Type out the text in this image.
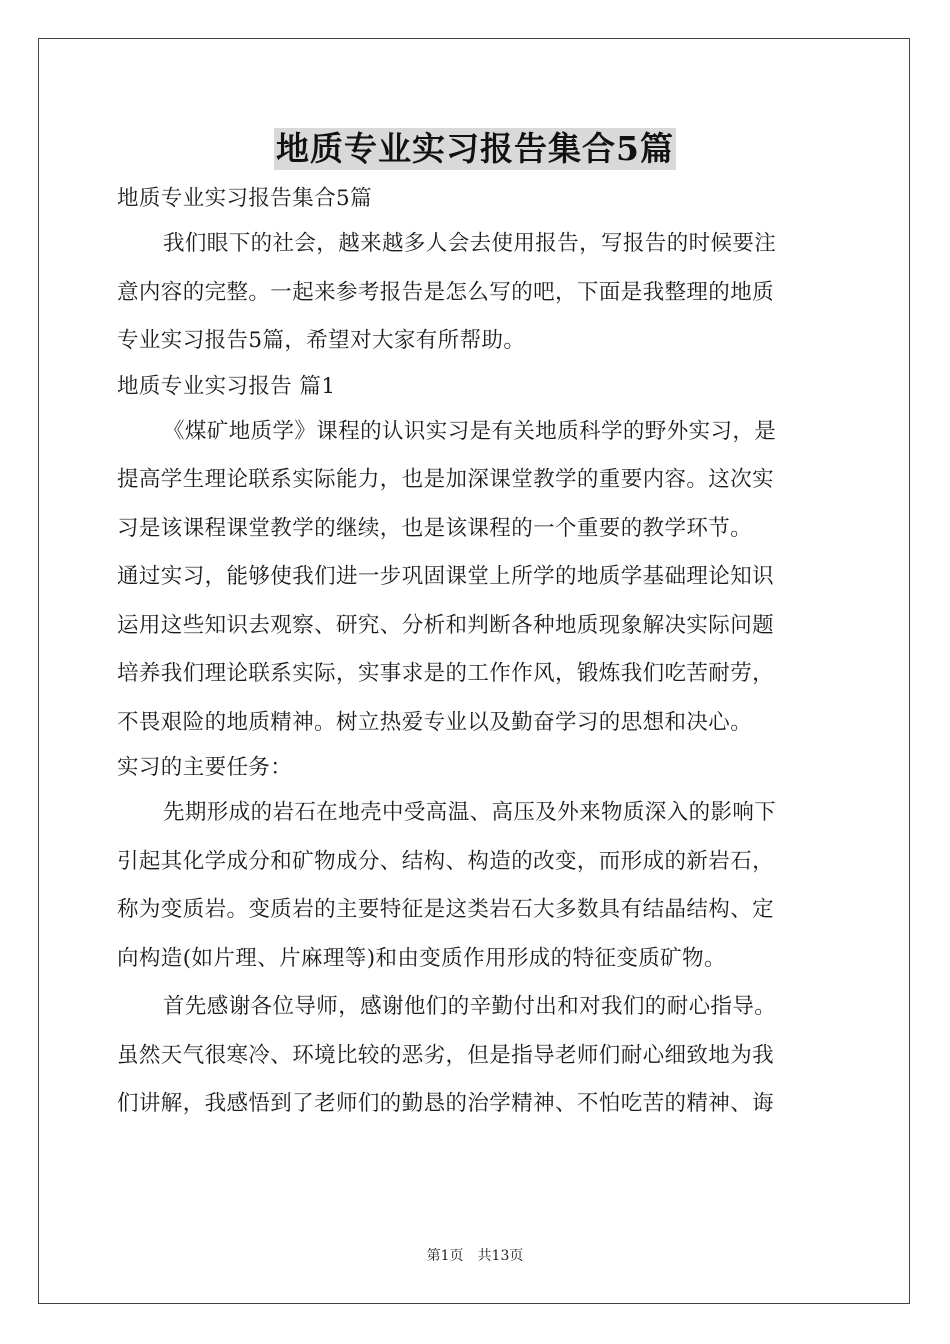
地质专业实习报告集合5篇
地质专业实习报告集合5篇
我们眼下的社会，越来越多人会去使用报告，写报告的时候要注
意内容的完整。一起来参考报告是怎么写的吧，下面是我整理的地质
专业实习报告5篇，希望对大家有所帮助。
地质专业实习报告 篇1
《煤矿地质学》课程的认识实习是有关地质科学的野外实习，是
提高学生理论联系实际能力，也是加深课堂教学的重要内容。这次实
习是该课程课堂教学的继续，也是该课程的一个重要的教学环节。
通过实习，能够使我们进一步巩固课堂上所学的地质学基础理论知识
运用这些知识去观察、研究、分析和判断各种地质现象解决实际问题
培养我们理论联系实际，实事求是的工作作风，锻炼我们吃苦耐劳，
不畏艰险的地质精神。树立热爱专业以及勤奋学习的思想和决心。
实习的主要任务：
先期形成的岩石在地壳中受高温、高压及外来物质深入的影响下
引起其化学成分和矿物成分、结构、构造的改变，而形成的新岩石，
称为变质岩。变质岩的主要特征是这类岩石大多数具有结晶结构、定
向构造(如片理、片麻理等)和由变质作用形成的特征变质矿物。
首先感谢各位导师，感谢他们的辛勤付出和对我们的耐心指导。
虽然天气很寒冷、环境比较的恶劣，但是指导老师们耐心细致地为我
们讲解，我感悟到了老师们的勤恳的治学精神、不怕吃苦的精神、诲
第1页　共13页
